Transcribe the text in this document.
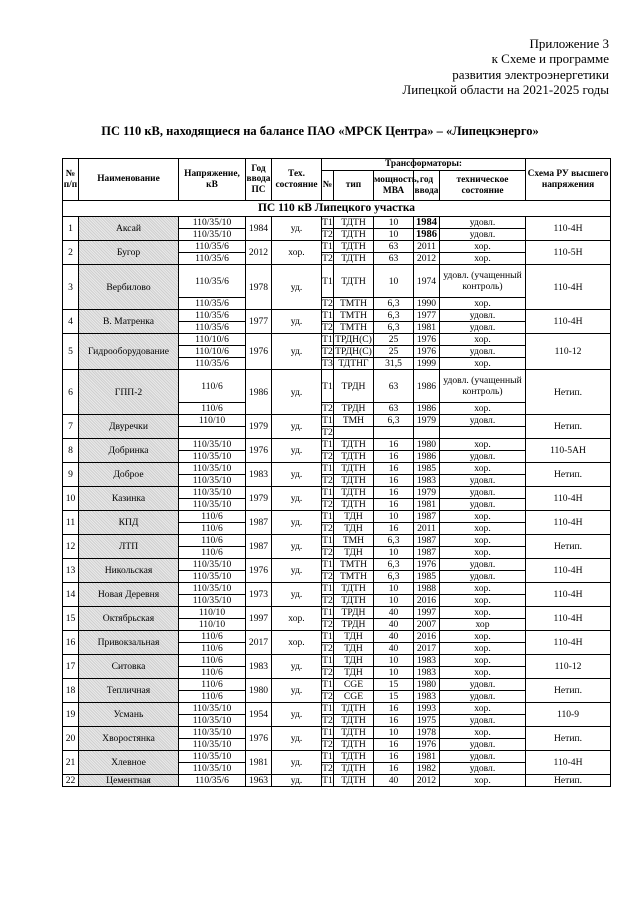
Приложение 3
к Схеме и программе
развития электроэнергетики
Липецкой области на 2021-2025 годы
ПС 110 кВ, находящиеся на балансе ПАО «МРСК Центра» – «Липецкэнерго»
№ п/п	Наименование	Напряжение, кВ	Год ввода ПС	Тех. состояние	Трансформаторы:					Схема РУ высшего напряжения
					№	тип	мощность, МВА	год ввода	техническое состояние	
ПС 110 кВ Липецкого участка										
1	Аксай	110/35/10	1984	уд.	Т1	ТДТН	10	1984	удовл.	110-4Н
		110/35/10			Т2	ТДТН	10	1986	удовл.	
2	Бугор	110/35/6	2012	хор.	Т1	ТДТН	63	2011	хор.	110-5Н
		110/35/6			Т2	ТДТН	63	2012	хор.	
3	Вербилово	110/35/6	1978	уд.	Т1	ТДТН	10	1974	удовл. (учащенный контроль)	110-4Н
		110/35/6			Т2	ТМТН	6,3	1990	хор.	
4	В. Матренка	110/35/6	1977	уд.	Т1	ТМТН	6,3	1977	удовл.	110-4Н
		110/35/6			Т2	ТМТН	6,3	1981	удовл.	
5	Гидрооборудование	110/10/6	1976	уд.	Т1	ТРДН(С)	25	1976	хор.	110-12
		110/10/6			Т2	ТРДН(С)	25	1976	удовл.	
		110/35/6			Т3	ТДТНГ	31,5	1999	хор.	
6	ГПП-2	110/6	1986	уд.	Т1	ТРДН	63	1986	удовл. (учащенный контроль)	Нетип.
		110/6			Т2	ТРДН	63	1986	хор.	
7	Двуречки	110/10	1979	уд.	Т1	ТМН	6,3	1979	удовл.	Нетип.
					Т2					
8	Добринка	110/35/10	1976	уд.	Т1	ТДТН	16	1980	хор.	110-5АН
		110/35/10			Т2	ТДТН	16	1986	удовл.	
9	Доброе	110/35/10	1983	уд.	Т1	ТДТН	16	1985	хор.	Нетип.
		110/35/10			Т2	ТДТН	16	1983	удовл.	
10	Казинка	110/35/10	1979	уд.	Т1	ТДТН	16	1979	удовл.	110-4Н
		110/35/10			Т2	ТДТН	16	1981	удовл.	
11	КПД	110/6	1987	уд.	Т1	ТДН	10	1987	хор.	110-4Н
		110/6			Т2	ТДН	16	2011	хор.	
12	ЛТП	110/6	1987	уд.	Т1	ТМН	6,3	1987	хор.	Нетип.
		110/6			Т2	ТДН	10	1987	хор.	
13	Никольская	110/35/10	1976	уд.	Т1	ТМТН	6,3	1976	удовл.	110-4Н
		110/35/10			Т2	ТМТН	6,3	1985	удовл.	
14	Новая Деревня	110/35/10	1973	уд.	Т1	ТДТН	10	1988	хор.	110-4Н
		110/35/10			Т2	ТДТН	10	2016	хор.	
15	Октябрьская	110/10	1997	хор.	Т1	ТРДН	40	1997	хор.	110-4Н
		110/10			Т2	ТРДН	40	2007	хор	
16	Привокзальная	110/6	2017	хор.	Т1	ТДН	40	2016	хор.	110-4Н
		110/6			Т2	ТДН	40	2017	хор.	
17	Ситовка	110/6	1983	уд.	Т1	ТДН	10	1983	хор.	110-12
		110/6			Т2	ТДН	10	1983	хор.	
18	Тепличная	110/6	1980	уд.	Т1	CGE	15	1980	удовл.	Нетип.
		110/6			Т2	CGE	15	1983	удовл.	
19	Усмань	110/35/10	1954	уд.	Т1	ТДТН	16	1993	хор.	110-9
		110/35/10			Т2	ТДТН	16	1975	удовл.	
20	Хворостянка	110/35/10	1976	уд.	Т1	ТДТН	10	1978	хор.	Нетип.
		110/35/10			Т2	ТДТН	16	1976	удовл.	
21	Хлевное	110/35/10	1981	уд.	Т1	ТДТН	16	1981	удовл.	110-4Н
		110/35/10			Т2	ТДТН	16	1982	удовл.	
22	Цементная	110/35/6	1963	уд.	Т1	ТДТН	40	2012	хор.	Нетип.
